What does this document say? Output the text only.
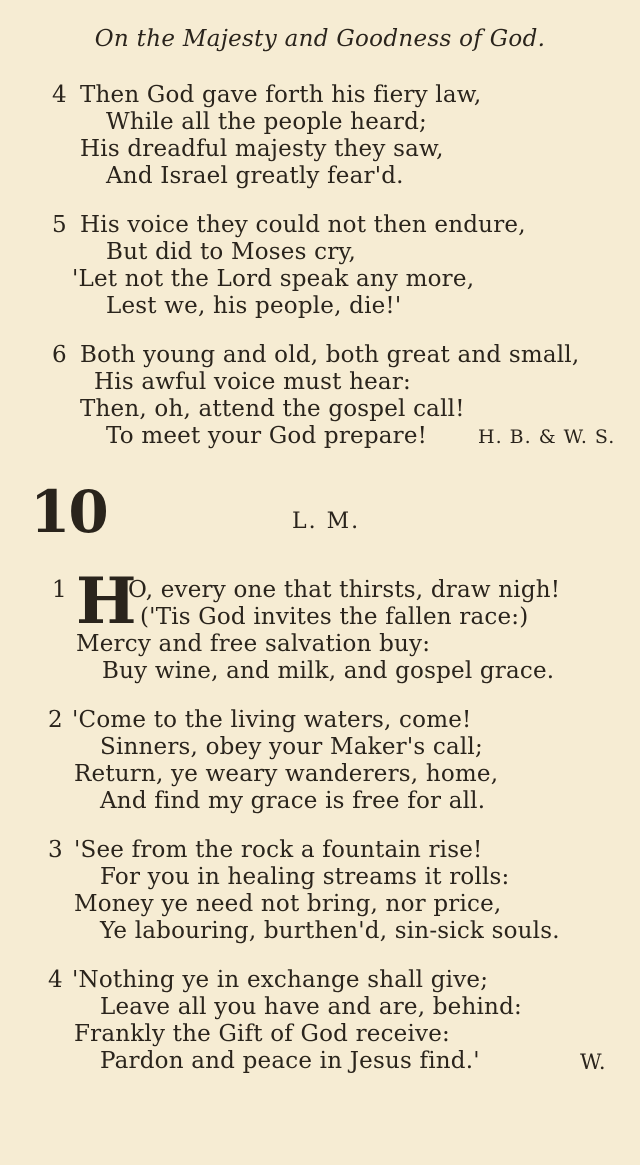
On the Majesty and Goodness of God.
4 Then God gave forth his fiery law,
While all the people heard;
His dreadful majesty they saw,
And Israel greatly fear'd.
5 His voice they could not then endure,
But did to Moses cry,
'Let not the Lord speak any more,
Lest we, his people, die!'
6 Both young and old, both great and small,
His awful voice must hear:
Then, oh, attend the gospel call!
To meet your God prepare!	H. B. & W. S.
10	L. M.
1 H
O, every one that thirsts, draw nigh!
('Tis God invites the fallen race:)
Mercy and free salvation buy:
Buy wine, and milk, and gospel grace.
2 'Come to the living waters, come!
Sinners, obey your Maker's call;
Return, ye weary wanderers, home,
And find my grace is free for all.
3 'See from the rock a fountain rise!
For you in healing streams it rolls:
Money ye need not bring, nor price,
Ye labouring, burthen'd, sin-sick souls.
4 'Nothing ye in exchange shall give;
Leave all you have and are, behind:
Frankly the Gift of God receive:
Pardon and peace in Jesus find.'	W.
